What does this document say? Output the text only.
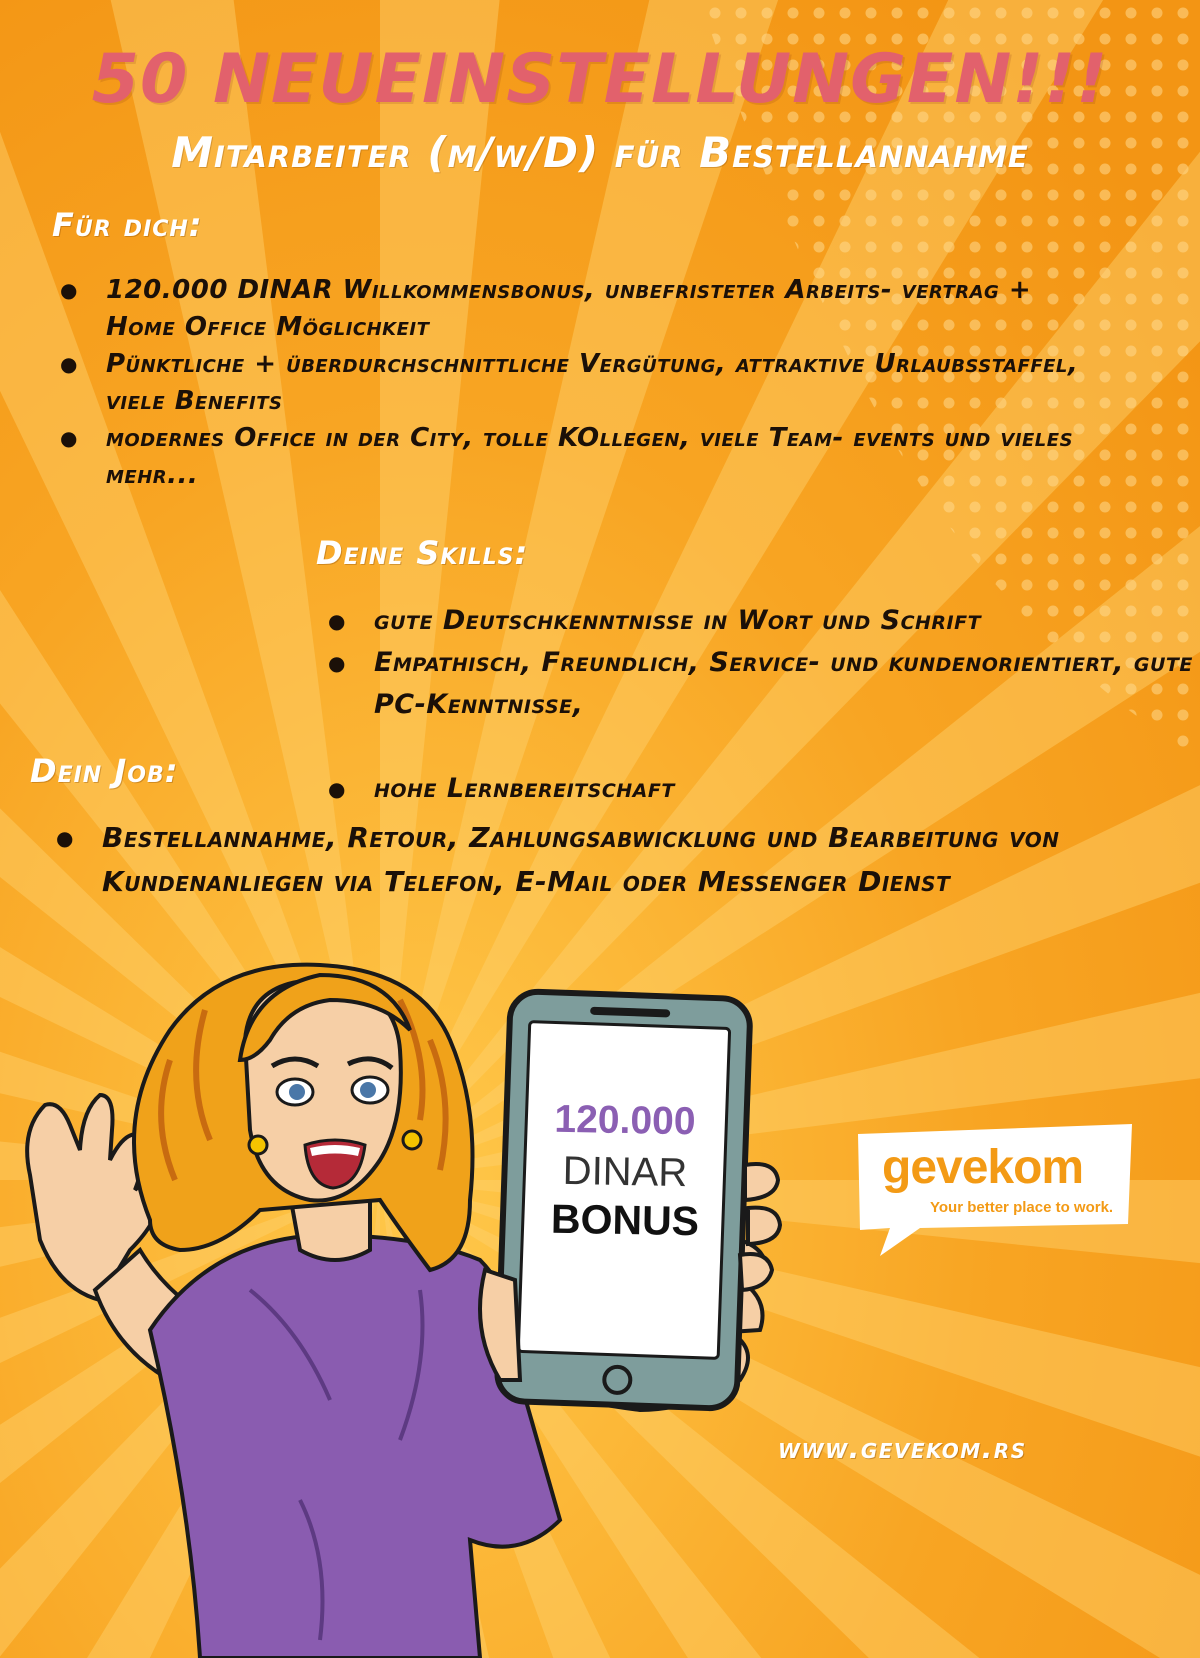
50 NEUEINSTELLUNGEN!!!
Mitarbeiter (m/w/D) für Bestellannahme
Für dich:
● 120.000 DINAR Willkommensbonus, unbefristeter Arbeits- vertrag + Home Office Möglichkeit
● Pünktliche + überdurchschnittliche Vergütung, attraktive Urlaubsstaffel, viele Benefits
● modernes Office in der City, tolle KOllegen, viele Team- events und vieles mehr...
Deine Skills:
● gute Deutschkenntnisse in Wort und Schrift
● Empathisch, Freundlich, Service- und kundenorientiert, gute PC-Kenntnisse,
● hohe Lernbereitschaft
Dein Job:
● Bestellannahme, Retour, Zahlungsabwicklung und Bearbeitung von Kundenanliegen via Telefon, E-Mail oder Messenger Dienst
120.000
DINAR
BONUS
gevekom
Your better place to work.

www.gevekom.rs
